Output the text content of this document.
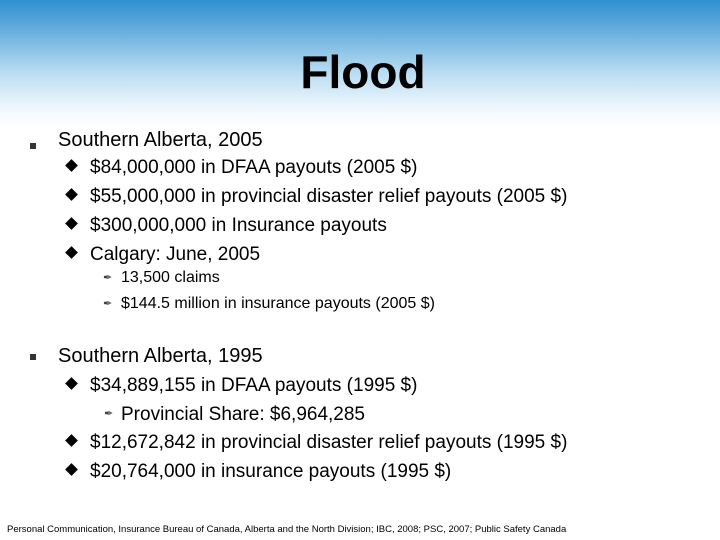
Flood
Southern Alberta, 2005
$84,000,000 in DFAA payouts (2005 $)
$55,000,000 in provincial disaster relief payouts (2005 $)
$300,000,000 in Insurance payouts
Calgary: June, 2005
✒ 13,500 claims
✒ $144.5 million in insurance payouts (2005 $)
Southern Alberta, 1995
$34,889,155 in DFAA payouts (1995 $)
✒ Provincial Share: $6,964,285
$12,672,842 in provincial disaster relief payouts (1995 $)
$20,764,000 in insurance payouts (1995 $)
Personal Communication, Insurance Bureau of Canada, Alberta and the North Division; IBC, 2008; PSC, 2007; Public Safety Canada
